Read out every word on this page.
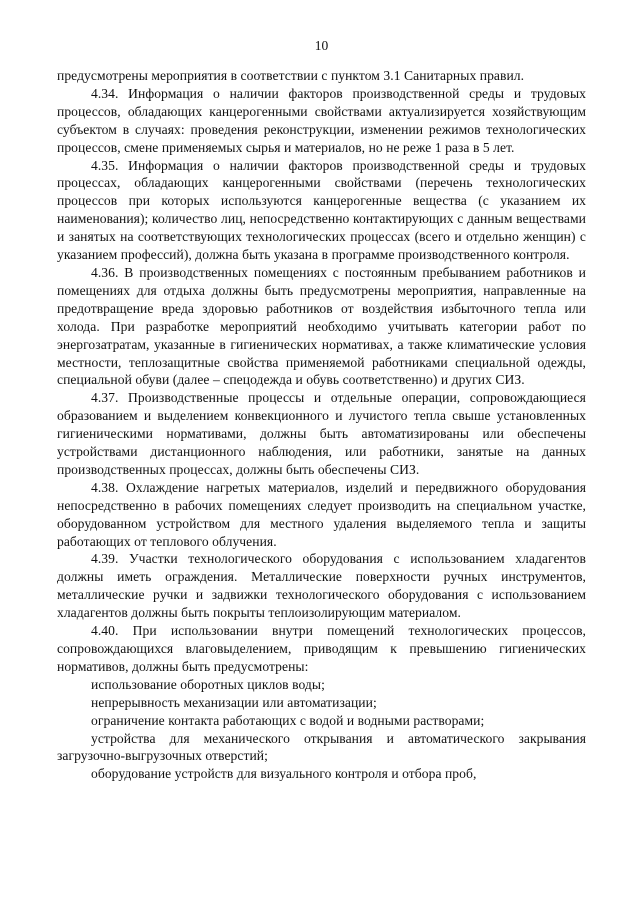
10

предусмотрены мероприятия в соответствии с пунктом 3.1 Санитарных правил.

4.34. Информация о наличии факторов производственной среды и трудовых процессов, обладающих канцерогенными свойствами актуализируется хозяйствующим субъектом в случаях: проведения реконструкции, изменении режимов технологических процессов, смене применяемых сырья и материалов, но не реже 1 раза в 5 лет.

4.35. Информация о наличии факторов производственной среды и трудовых процессах, обладающих канцерогенными свойствами (перечень технологических процессов при которых используются канцерогенные вещества (с указанием их наименования); количество лиц, непосредственно контактирующих с данным веществами и занятых на соответствующих технологических процессах (всего и отдельно женщин) с указанием профессий), должна быть указана в программе производственного контроля.

4.36. В производственных помещениях с постоянным пребыванием работников и помещениях для отдыха должны быть предусмотрены мероприятия, направленные на предотвращение вреда здоровью работников от воздействия избыточного тепла или холода. При разработке мероприятий необходимо учитывать категории работ по энергозатратам, указанные в гигиенических нормативах, а также климатические условия местности, теплозащитные свойства применяемой работниками специальной одежды, специальной обуви (далее – спецодежда и обувь соответственно) и других СИЗ.

4.37. Производственные процессы и отдельные операции, сопровождающиеся образованием и выделением конвекционного и лучистого тепла свыше установленных гигиеническими нормативами, должны быть автоматизированы или обеспечены устройствами дистанционного наблюдения, или работники, занятые на данных производственных процессах, должны быть обеспечены СИЗ.

4.38. Охлаждение нагретых материалов, изделий и передвижного оборудования непосредственно в рабочих помещениях следует производить на специальном участке, оборудованном устройством для местного удаления выделяемого тепла и защиты работающих от теплового облучения.

4.39. Участки технологического оборудования с использованием хладагентов должны иметь ограждения. Металлические поверхности ручных инструментов, металлические ручки и задвижки технологического оборудования с использованием хладагентов должны быть покрыты теплоизолирующим материалом.

4.40. При использовании внутри помещений технологических процессов, сопровождающихся влаговыделением, приводящим к превышению гигиенических нормативов, должны быть предусмотрены:

использование оборотных циклов воды;

непрерывность механизации или автоматизации;

ограничение контакта работающих с водой и водными растворами;

устройства для механического открывания и автоматического закрывания загрузочно-выгрузочных отверстий;

оборудование устройств для визуального контроля и отбора проб,
